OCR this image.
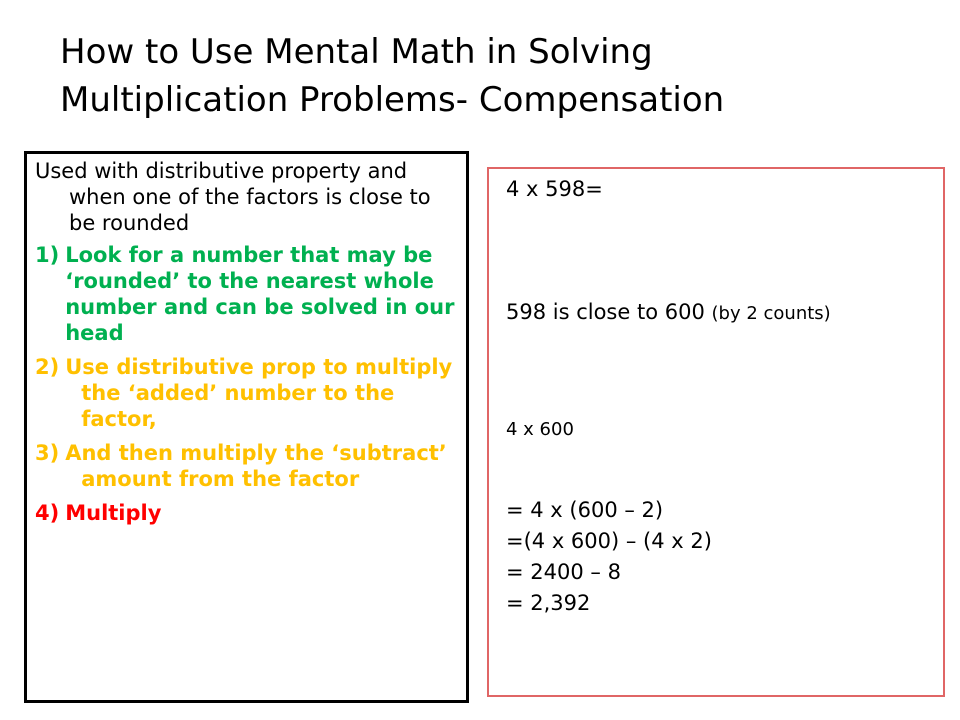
How to Use Mental Math in Solving
Multiplication Problems- Compensation

Used with distributive property and when one of the factors is close to be rounded

1) Look for a number that may be ‘rounded’ to the nearest whole number and can be solved in our head
2) Use distributive prop to multiply the ‘added’ number to the factor,
3) And then multiply the ‘subtract’ amount from the factor
4) Multiply

4 x 598=

598 is close to 600 (by 2 counts)

4 x 600

= 4 x (600 – 2)

=(4 x 600) – (4 x 2)

= 2400 – 8

= 2,392
